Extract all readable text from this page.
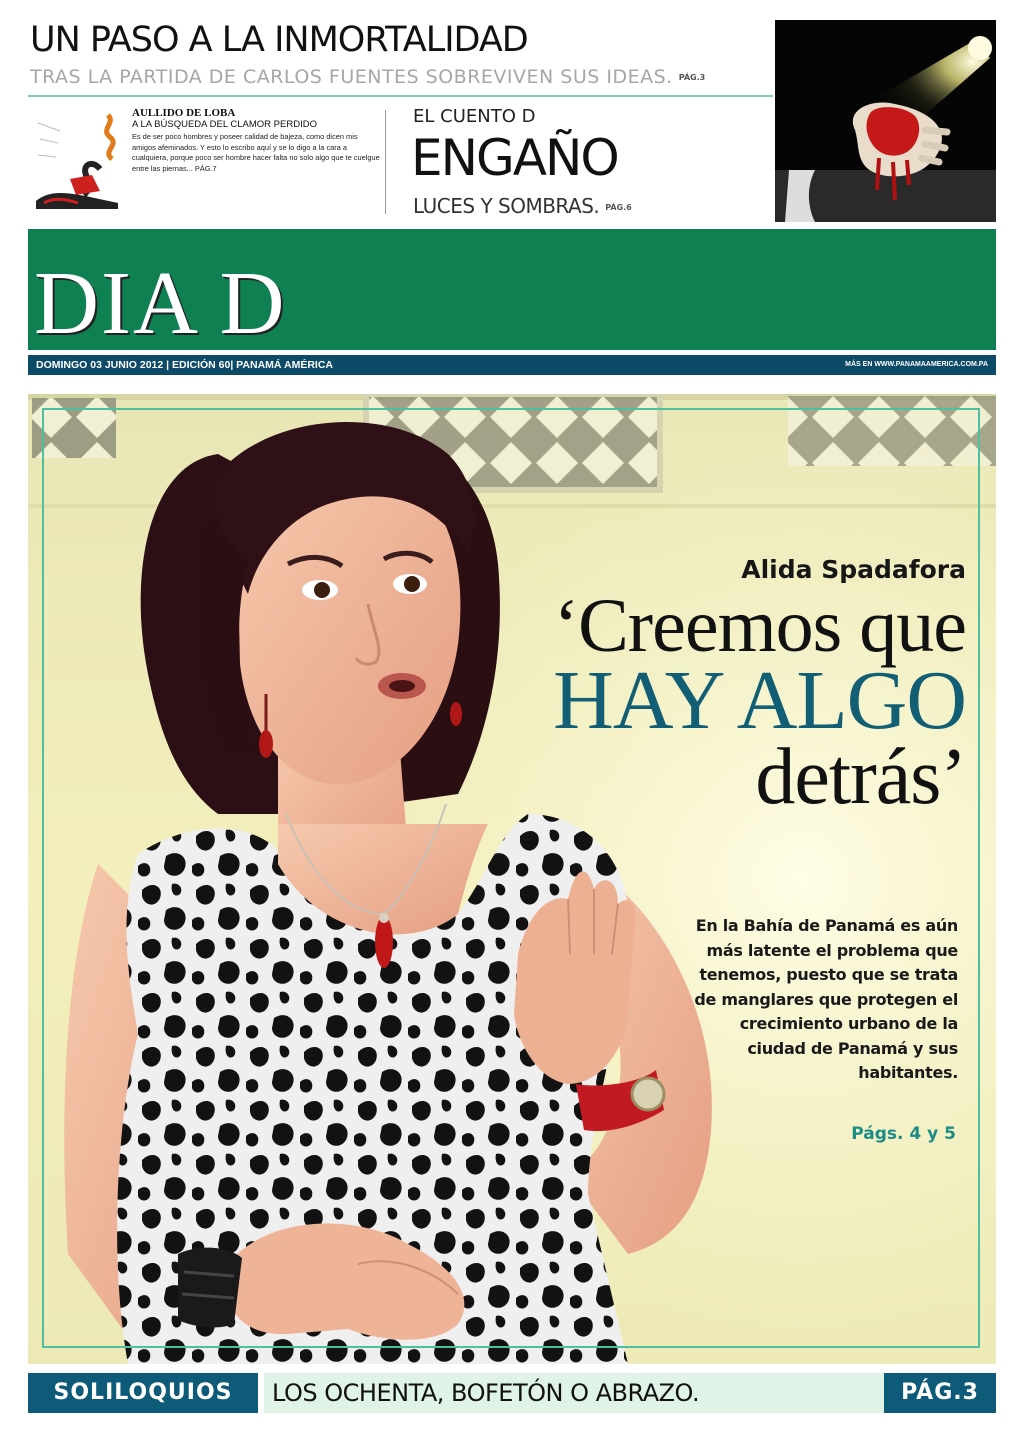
UN PASO A LA INMORTALIDAD
TRAS LA PARTIDA DE CARLOS FUENTES SOBREVIVEN SUS IDEAS. PÁG.3
AULLIDO DE LOBA
A LA BÚSQUEDA DEL CLAMOR PERDIDO
Es de ser poco hombres y poseer calidad de bajeza, como dicen mis amigos afeminados. Y esto lo escribo aquí y se lo digo a la cara a cualquiera, porque poco ser hombre hacer falta no solo algo que te cuelgue entre las piernas... PÁG.7
EL CUENTO D
ENGAÑO
LUCES Y SOMBRAS. PÁG.6
DIA D
DOMINGO 03 JUNIO 2012 | EDICIÓN 60| PANAMÁ AMÉRICA	MÁS EN WWW.PANAMAAMERICA.COM.PA
Alida Spadafora
‘Creemos que
HAY ALGO
detrás’
En la Bahía de Panamá es aún más latente el problema que tenemos, puesto que se trata de manglares que protegen el crecimiento urbano de la ciudad de Panamá y sus habitantes.
Págs. 4 y 5
SOLILOQUIOS	LOS OCHENTA, BOFETÓN O ABRAZO.	PÁG.3
